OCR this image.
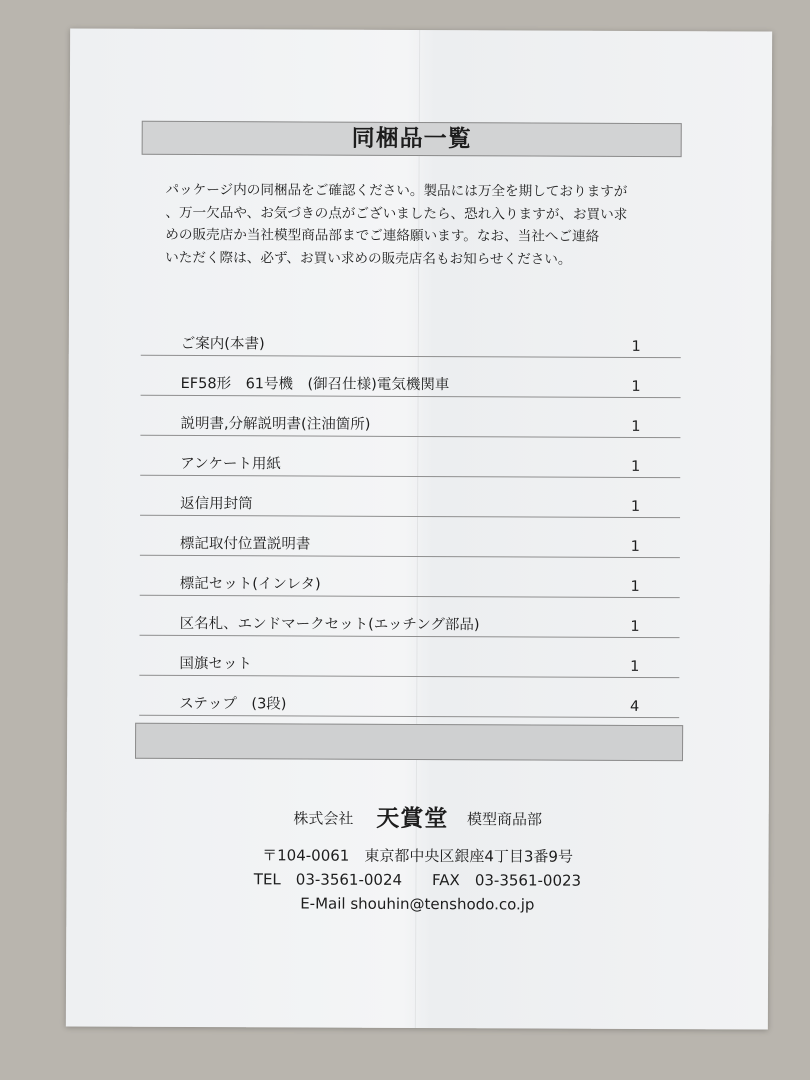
同梱品一覧
パッケージ内の同梱品をご確認ください。製品には万全を期しておりますが
、万一欠品や、お気づきの点がございましたら、恐れ入りますが、お買い求
めの販売店か当社模型商品部までご連絡願います。なお、当社へご連絡
いただく際は、必ず、お買い求めの販売店名もお知らせください。
ご案内(本書)	1
EF58形　61号機　(御召仕様)電気機関車	1
説明書,分解説明書(注油箇所)	1
アンケート用紙	1
返信用封筒	1
標記取付位置説明書	1
標記セット(インレタ)	1
区名札、エンドマークセット(エッチング部品)	1
国旗セット	1
ステップ　(3段)	4
株式会社 天賞堂 模型商品部
〒104-0061　東京都中央区銀座4丁目3番9号
TEL　03-3561-0024 FAX　03-3561-0023
E-Mail shouhin@tenshodo.co.jp
